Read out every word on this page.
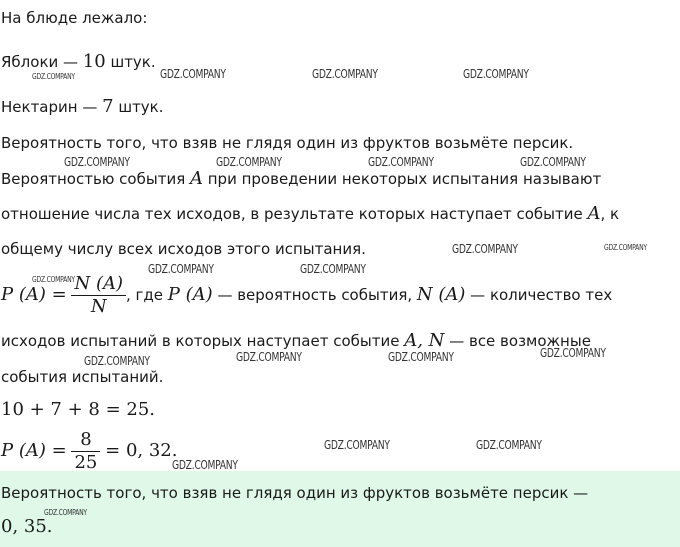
На блюде лежало:
Яблоки — 10 штук.
Нектарин — 7 штук.
Вероятность того, что взяв не глядя один из фруктов возьмёте персик.
Вероятностью события A при проведении некоторых испытания называют
отношение числа тех исходов, в результате которых наступает событие A, к
общему числу всех исходов этого испытания.
P $(A) = \frac{N (A)}{N}$ , где P (A) — вероятность события, N (A) — количество тех
исходов испытаний в которых наступает событие A, N — все возможные
события испытаний.
10 + 7 + 8 = 25.
P $(A) = \frac{8}{25} = 0$, 32.
Вероятность того, что взяв не глядя один из фруктов возьмёте персик —
0, 35.
GDZ.COMPANY	GDZ.COMPANY	GDZ.COMPANY	GDZ.COMPANY
GDZ.COMPANY	GDZ.COMPANY	GDZ.COMPANY	GDZ.COMPANY
GDZ.COMPANY	GDZ.COMPANY
GDZ.COMPANY	GDZ.COMPANY
GDZ.COMPANY
GDZ.COMPANY	GDZ.COMPANY	GDZ.COMPANY	GDZ.COMPANY
GDZ.COMPANY	GDZ.COMPANY
GDZ.COMPANY
GDZ.COMPANY
